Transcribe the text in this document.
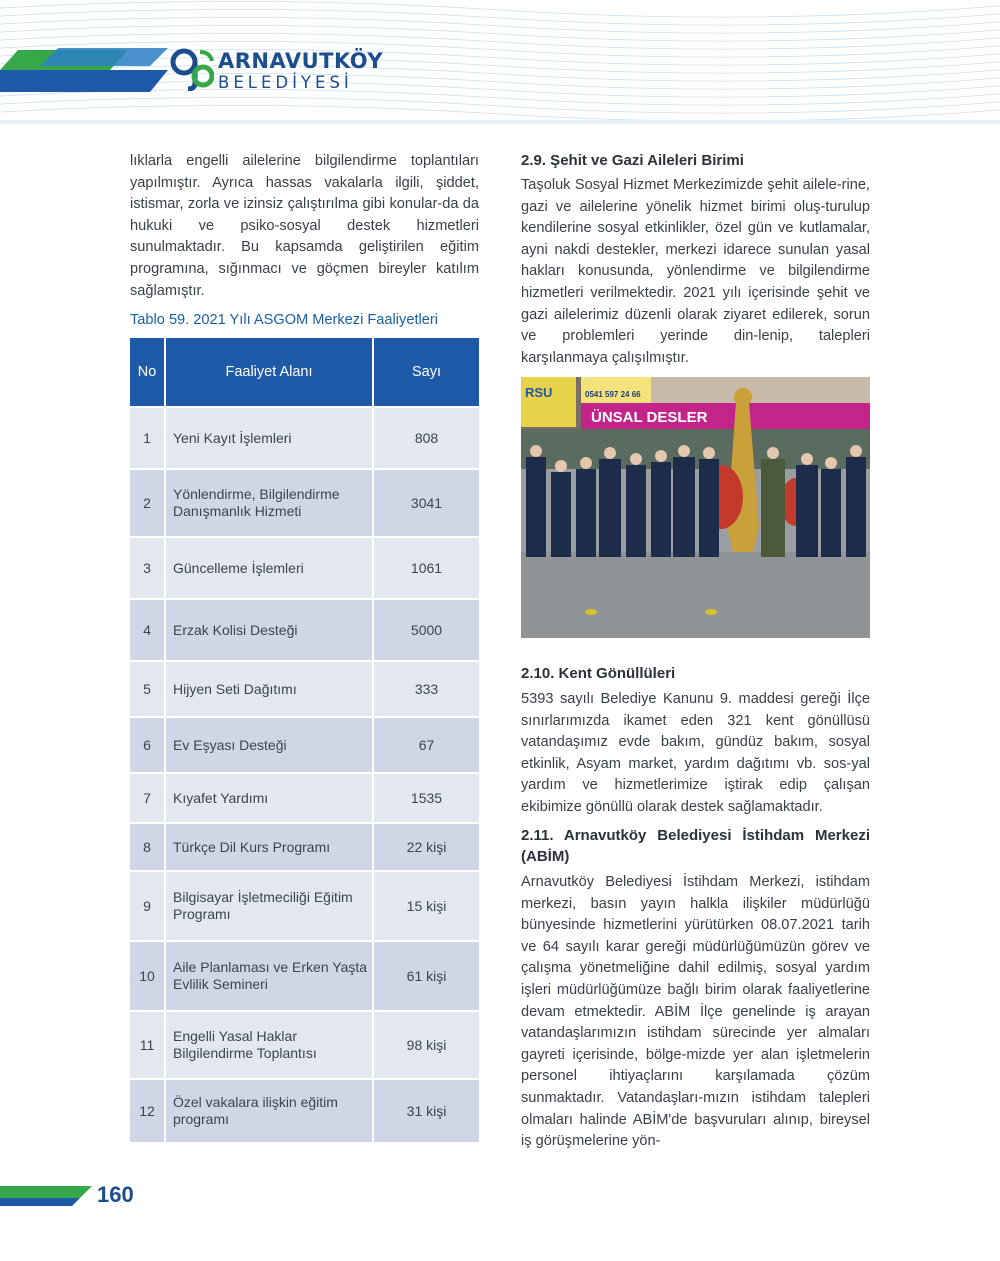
ARNAVUTKÖY
BELEDİYESİ

lıklarla engelli ailelerine bilgilendirme toplantıları yapılmıştır. Ayrıca hassas vakalarla ilgili, şiddet, istismar, zorla ve izinsiz çalıştırılma gibi konular-da da hukuki ve psiko-sosyal destek hizmetleri sunulmaktadır. Bu kapsamda geliştirilen eğitim programına, sığınmacı ve göçmen bireyler katılım sağlamıştır.

Tablo 59. 2021 Yılı ASGOM Merkezi Faaliyetleri

No	Faaliyet Alanı	Sayı
1	Yeni Kayıt İşlemleri	808
2	Yönlendirme, Bilgilendirme Danışmanlık Hizmeti	3041
3	Güncelleme İşlemleri	1061
4	Erzak Kolisi Desteği	5000
5	Hijyen Seti Dağıtımı	333
6	Ev Eşyası Desteği	67
7	Kıyafet Yardımı	1535
8	Türkçe Dil Kurs Programı	22 kişi
9	Bilgisayar İşletmeciliği Eğitim Programı	15 kişi
10	Aile Planlaması ve Erken Yaşta Evlilik Semineri	61 kişi
11	Engelli Yasal Haklar Bilgilendirme Toplantısı	98 kişi
12	Özel vakalara ilişkin eğitim programı	31 kişi
2.9. Şehit ve Gazi Aileleri Birimi

Taşoluk Sosyal Hizmet Merkezimizde şehit ailele-rine, gazi ve ailelerine yönelik hizmet birimi oluş-turulup kendilerine sosyal etkinlikler, özel gün ve kutlamalar, ayni nakdi destekler, merkezi idarece sunulan yasal hakları konusunda, yönlendirme ve bilgilendirme hizmetleri verilmektedir. 2021 yılı içerisinde şehit ve gazi ailelerimiz düzenli olarak ziyaret edilerek, sorun ve problemleri yerinde din-lenip, talepleri karşılanmaya çalışılmıştır.

RSU	0541 597 24 66
ÜNSAL DESLER
2.10. Kent Gönüllüleri

5393 sayılı Belediye Kanunu 9. maddesi gereği İlçe sınırlarımızda ikamet eden 321 kent gönüllüsü vatandaşımız evde bakım, gündüz bakım, sosyal etkinlik, Asyam market, yardım dağıtımı vb. sos-yal yardım ve hizmetlerimize iştirak edip çalışan ekibimize gönüllü olarak destek sağlamaktadır.

2.11. Arnavutköy Belediyesi İstihdam Merkezi (ABİM)

Arnavutköy Belediyesi İstihdam Merkezi, istihdam merkezi, basın yayın halkla ilişkiler müdürlüğü bünyesinde hizmetlerini yürütürken 08.07.2021 tarih ve 64 sayılı karar gereği müdürlüğümüzün görev ve çalışma yönetmeliğine dahil edilmiş, sosyal yardım işleri müdürlüğümüze bağlı birim olarak faaliyetlerine devam etmektedir. ABİM İlçe genelinde iş arayan vatandaşlarımızın istihdam sürecinde yer almaları gayreti içerisinde, bölge-mizde yer alan işletmelerin personel ihtiyaçlarını karşılamada çözüm sunmaktadır. Vatandaşları-mızın istihdam talepleri olmaları halinde ABİM'de başvuruları alınıp, bireysel iş görüşmelerine yön-

160
